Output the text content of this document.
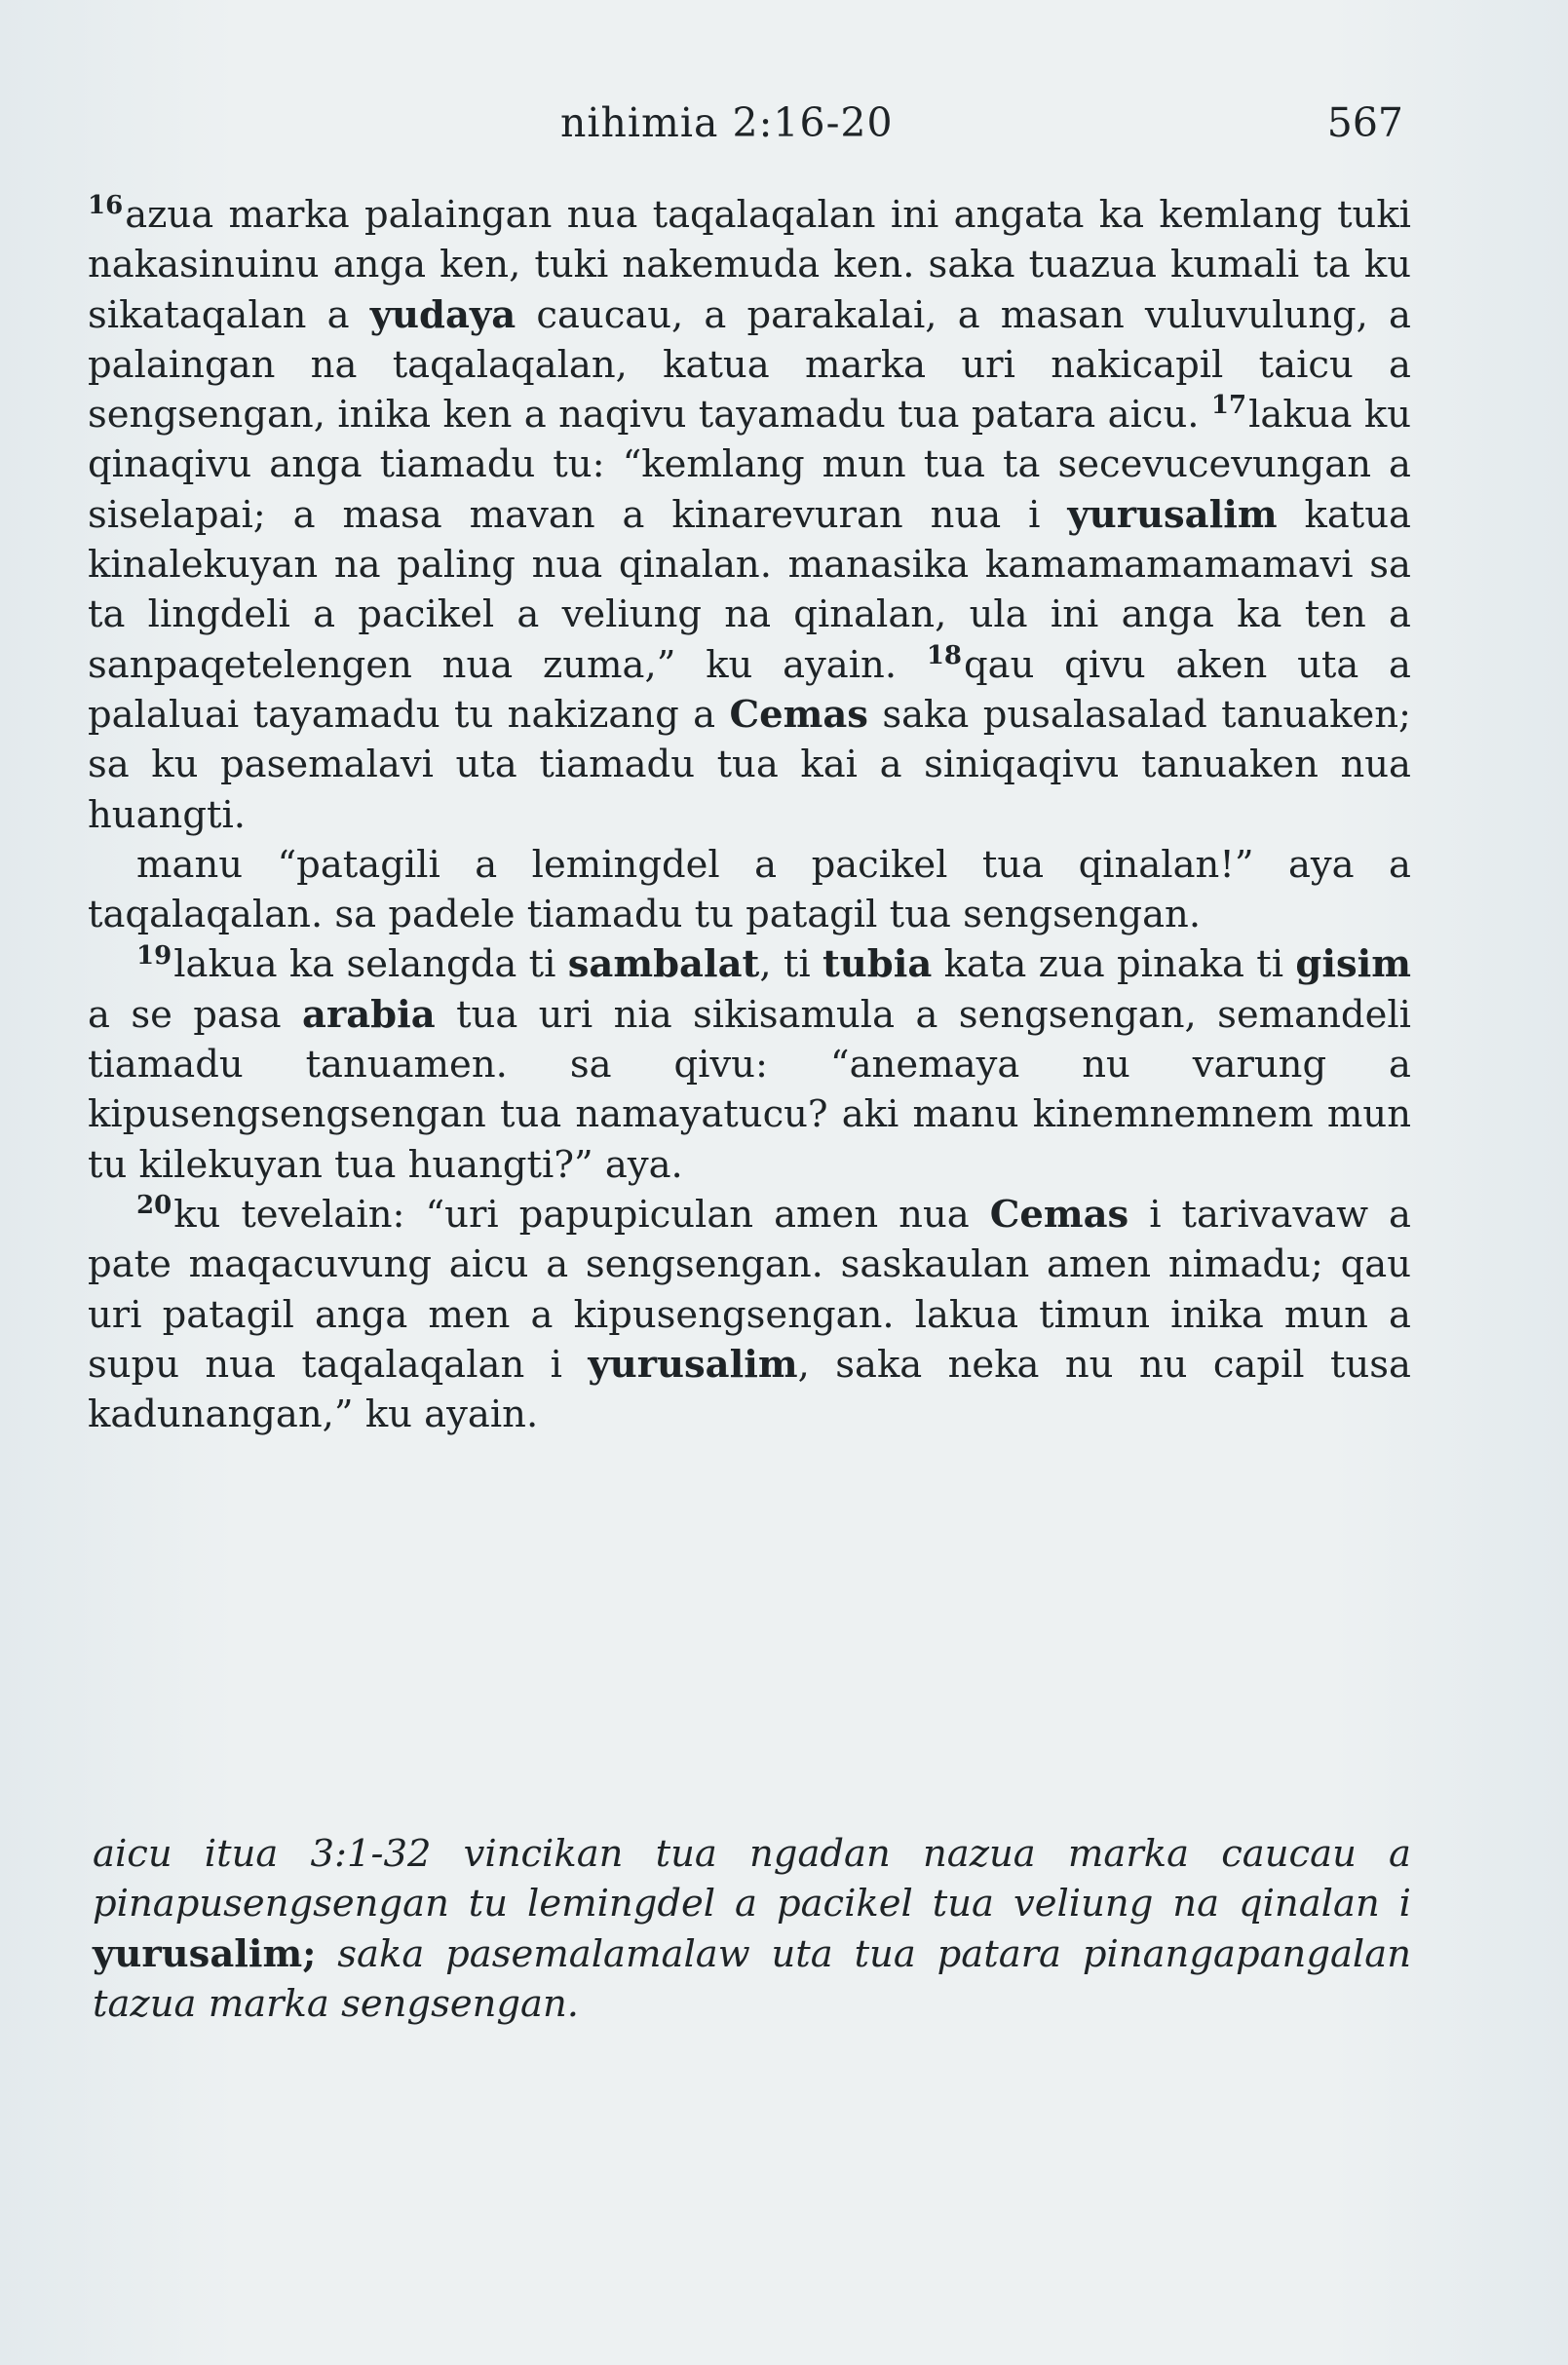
nihimia 2:16-20	567

$^{16}$azua marka palaingan nua taqalaqalan ini angata ka kemlang tuki nakasinuinu anga ken, tuki nakemuda ken. saka tuazua kumali ta ku sikataqalan a yudaya caucau, a parakalai, a masan vuluvulung, a palaingan na taqalaqalan, katua marka uri nakicapil taicu a sengsengan, inika ken a naqivu tayamadu tua patara aicu. $^{17}$lakua ku qinaqivu anga tiamadu tu: “kemlang mun tua ta secevucevungan a siselapai; a masa mavan a kinarevuran nua i yurusalim katua kinalekuyan na paling nua qinalan. manasika kamamamamamavi sa ta lingdeli a pacikel a veliung na qinalan, ula ini anga ka ten a sanpaqetelengen nua zuma,” ku ayain. $^{18}$qau qivu aken uta a palaluai tayamadu tu nakizang a Cemas saka pusalasalad tanuaken; sa ku pasemalavi uta tiamadu tua kai a siniqaqivu tanuaken nua huangti.

manu “patagili a lemingdel a pacikel tua qinalan!” aya a taqalaqalan. sa padele tiamadu tu patagil tua sengsengan.

$^{19}$lakua ka selangda ti sambalat, ti tubia kata zua pinaka ti gisim a se pasa arabia tua uri nia sikisamula a sengsengan, semandeli tiamadu tanuamen. sa qivu: “anemaya nu varung a kipusengsengsengan tua namayatucu? aki manu kinemnemnem mun tu kilekuyan tua huangti?” aya.

$^{20}$ku tevelain: “uri papupiculan amen nua Cemas i tarivavaw a pate maqacuvung aicu a sengsengan. saskaulan amen nimadu; qau uri patagil anga men a kipusengsengan. lakua timun inika mun a supu nua taqalaqalan i yurusalim, saka neka nu nu capil tusa kadunangan,” ku ayain.

aicu itua 3:1-32 vincikan tua ngadan nazua marka caucau a pinapusengsengan tu lemingdel a pacikel tua veliung na qinalan i yurusalim; saka pasemalamalaw uta tua patara pinangapangalan tazua marka sengsengan.
